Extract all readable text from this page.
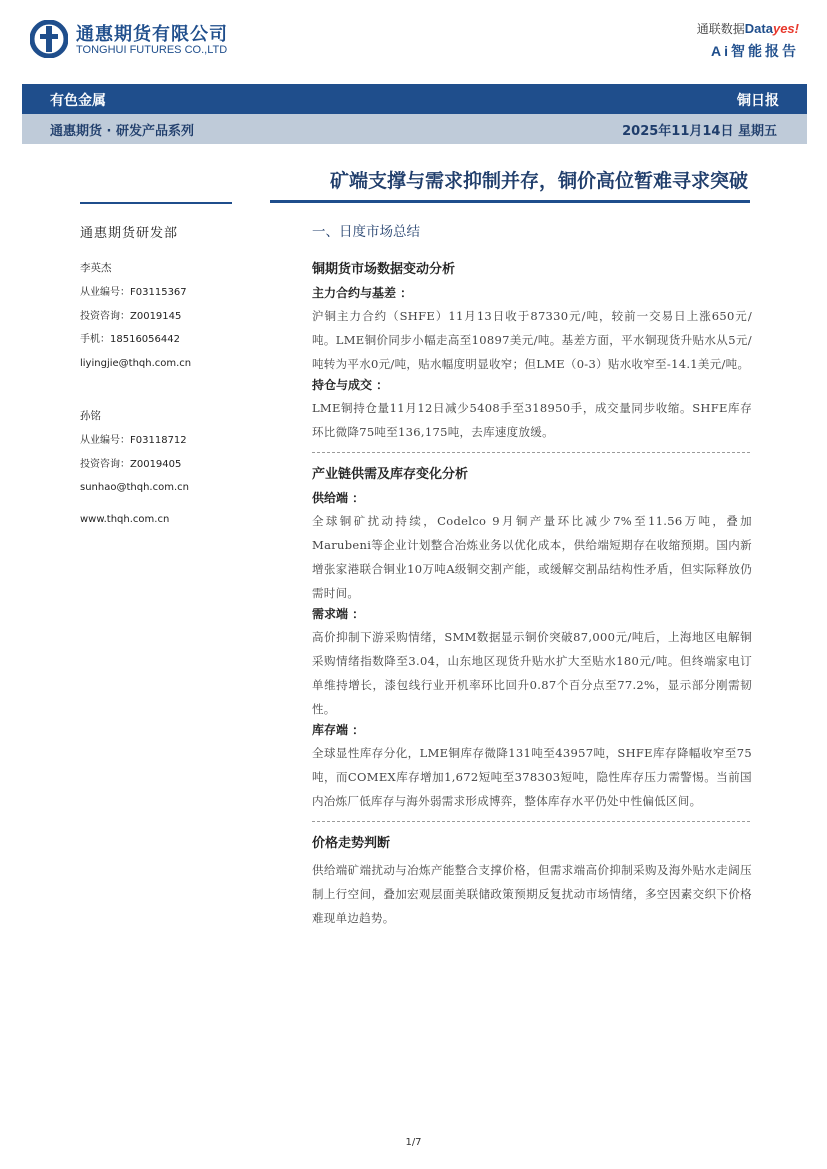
通惠期货有限公司
TONGHUI FUTURES CO.,LTD
通联数据Datayes!
Ai智能报告
有色金属	铜日报
通惠期货 · 研发产品系列	2025年11月14日 星期五
矿端支撑与需求抑制并存，铜价高位暂难寻求突破
通惠期货研发部
李英杰
从业编号：F03115367
投资咨询：Z0019145
手机：18516056442
liyingjie@thqh.com.cn
孙铭
从业编号：F03118712
投资咨询：Z0019405
sunhao@thqh.com.cn
www.thqh.com.cn
一、日度市场总结
铜期货市场数据变动分析
主力合约与基差 ：
沪铜主力合约（SHFE）11月13日收于87330元/吨，较前一交易日上涨650元/吨。LME铜价同步小幅走高至10897美元/吨。基差方面，平水铜现货升贴水从5元/吨转为平水0元/吨，贴水幅度明显收窄；但LME（0-3）贴水收窄至-14.1美元/吨。
持仓与成交 ：
LME铜持仓量11月12日减少5408手至318950手，成交量同步收缩。SHFE库存环比微降75吨至136,175吨，去库速度放缓。
产业链供需及库存变化分析
供给端 ：
全球铜矿扰动持续，Codelco 9月铜产量环比减少7%至11.56万吨，叠加Marubeni等企业计划整合冶炼业务以优化成本，供给端短期存在收缩预期。国内新增张家港联合铜业10万吨A级铜交割产能，或缓解交割品结构性矛盾，但实际释放仍需时间。
需求端 ：
高价抑制下游采购情绪，SMM数据显示铜价突破87,000元/吨后，上海地区电解铜采购情绪指数降至3.04，山东地区现货升贴水扩大至贴水180元/吨。但终端家电订单维持增长，漆包线行业开机率环比回升0.87个百分点至77.2%，显示部分刚需韧性。
库存端 ：
全球显性库存分化，LME铜库存微降131吨至43957吨，SHFE库存降幅收窄至75吨，而COMEX库存增加1,672短吨至378303短吨，隐性库存压力需警惕。当前国内冶炼厂低库存与海外弱需求形成博弈，整体库存水平仍处中性偏低区间。
价格走势判断
供给端矿端扰动与冶炼产能整合支撑价格，但需求端高价抑制采购及海外贴水走阔压制上行空间，叠加宏观层面美联储政策预期反复扰动市场情绪，多空因素交织下价格难现单边趋势。
1/7
